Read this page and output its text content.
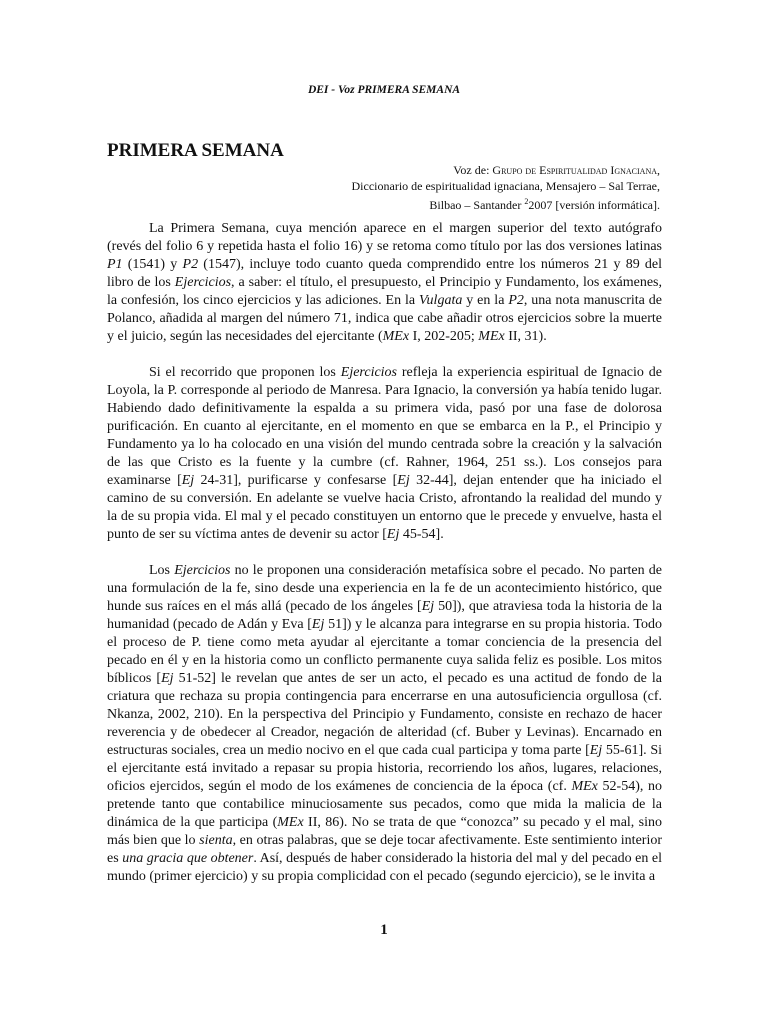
DEI - Voz PRIMERA SEMANA
PRIMERA SEMANA
Voz de: Grupo de Espiritualidad Ignaciana,
Diccionario de espiritualidad ignaciana, Mensajero – Sal Terrae,
Bilbao – Santander $^2$2007 [versión informática].

La Primera Semana, cuya mención aparece en el margen superior del texto autógrafo (revés del folio 6 y repetida hasta el folio 16) y se retoma como título por las dos versiones latinas P1 (1541) y P2 (1547), incluye todo cuanto queda comprendido entre los números 21 y 89 del libro de los Ejercicios, a saber: el título, el presupuesto, el Principio y Fundamento, los exámenes, la confesión, los cinco ejercicios y las adiciones. En la Vulgata y en la P2, una nota manuscrita de Polanco, añadida al margen del número 71, indica que cabe añadir otros ejercicios sobre la muerte y el juicio, según las necesidades del ejercitante (MEx I, 202-205; MEx II, 31).

Si el recorrido que proponen los Ejercicios refleja la experiencia espiritual de Ignacio de Loyola, la P. corresponde al periodo de Manresa. Para Ignacio, la conversión ya había tenido lugar. Habiendo dado definitivamente la espalda a su primera vida, pasó por una fase de dolorosa purificación. En cuanto al ejercitante, en el momento en que se embarca en la P., el Principio y Fundamento ya lo ha colocado en una visión del mundo centrada sobre la creación y la salvación de las que Cristo es la fuente y la cumbre (cf. Rahner, 1964, 251 ss.). Los consejos para examinarse [Ej 24-31], purificarse y confesarse [Ej 32-44], dejan entender que ha iniciado el camino de su conversión. En adelante se vuelve hacia Cristo, afrontando la realidad del mundo y la de su propia vida. El mal y el pecado constituyen un entorno que le precede y envuelve, hasta el punto de ser su víctima antes de devenir su actor [Ej 45-54].

Los Ejercicios no le proponen una consideración metafísica sobre el pecado. No parten de una formulación de la fe, sino desde una experiencia en la fe de un acontecimiento histórico, que hunde sus raíces en el más allá (pecado de los ángeles [Ej 50]), que atraviesa toda la historia de la humanidad (pecado de Adán y Eva [Ej 51]) y le alcanza para integrarse en su propia historia. Todo el proceso de P. tiene como meta ayudar al ejercitante a tomar conciencia de la presencia del pecado en él y en la historia como un conflicto permanente cuya salida feliz es posible. Los mitos bíblicos [Ej 51-52] le revelan que antes de ser un acto, el pecado es una actitud de fondo de la criatura que rechaza su propia contingencia para encerrarse en una autosuficiencia orgullosa (cf. Nkanza, 2002, 210). En la perspectiva del Principio y Fundamento, consiste en rechazo de hacer reverencia y de obedecer al Creador, negación de alteridad (cf. Buber y Levinas). Encarnado en estructuras sociales, crea un medio nocivo en el que cada cual participa y toma parte [Ej 55-61]. Si el ejercitante está invitado a repasar su propia historia, recorriendo los años, lugares, relaciones, oficios ejercidos, según el modo de los exámenes de conciencia de la época (cf. MEx 52-54), no pretende tanto que contabilice minuciosamente sus pecados, como que mida la malicia de la dinámica de la que participa (MEx II, 86). No se trata de que “conozca” su pecado y el mal, sino más bien que lo sienta, en otras palabras, que se deje tocar afectivamente. Este sentimiento interior es una gracia que obtener. Así, después de haber considerado la historia del mal y del pecado en el mundo (primer ejercicio) y su propia complicidad con el pecado (segundo ejercicio), se le invita a

1
